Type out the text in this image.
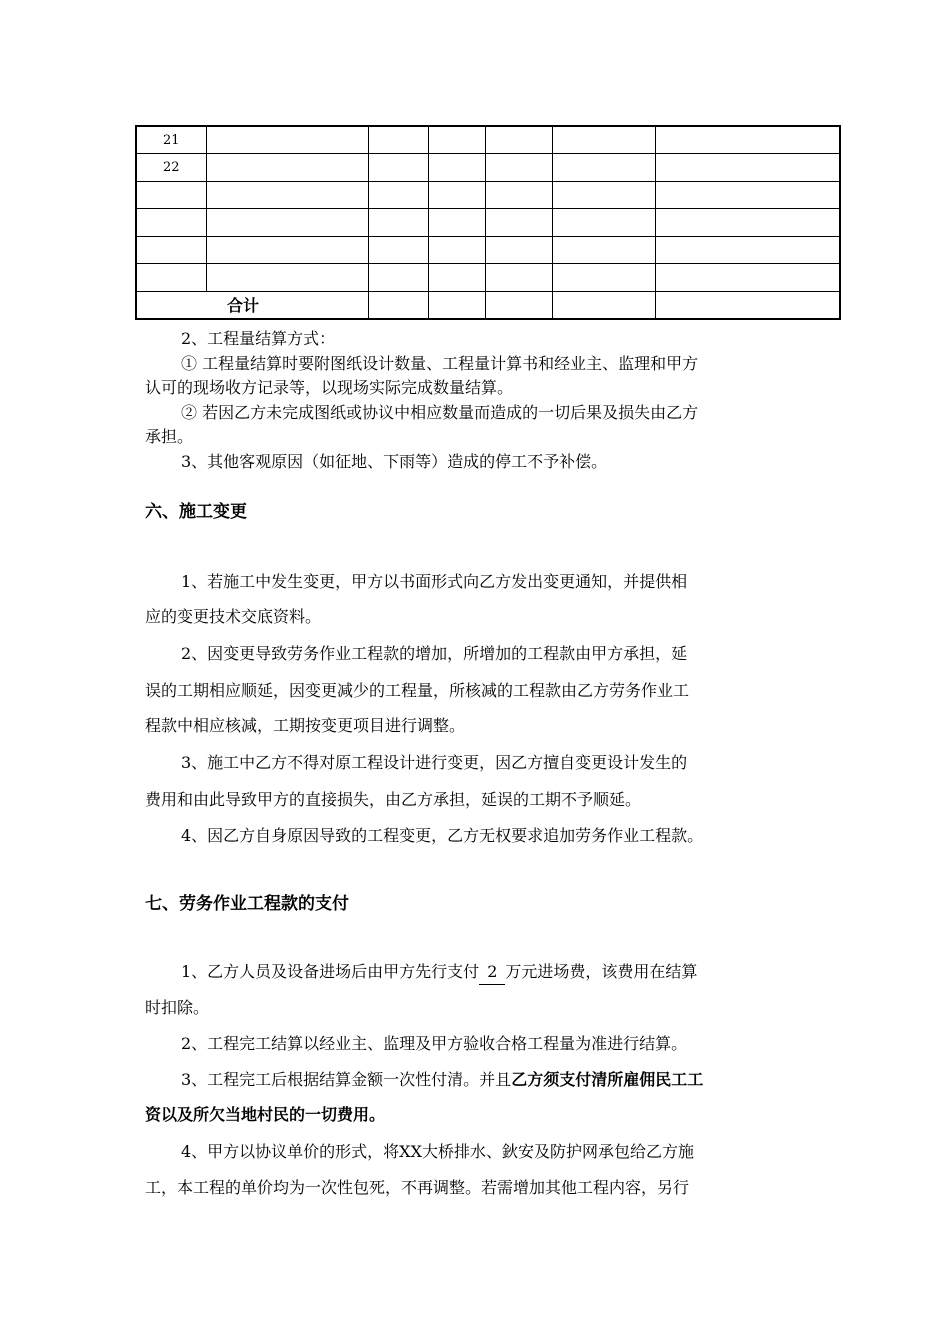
21						
22						

合计						
2、工程量结算方式：
① 工程量结算时要附图纸设计数量、工程量计算书和经业主、监理和甲方
认可的现场收方记录等，以现场实际完成数量结算。
② 若因乙方未完成图纸或协议中相应数量而造成的一切后果及损失由乙方
承担。
3、其他客观原因（如征地、下雨等）造成的停工不予补偿。
六、施工变更
1、若施工中发生变更，甲方以书面形式向乙方发出变更通知，并提供相
应的变更技术交底资料。
2、因变更导致劳务作业工程款的增加，所增加的工程款由甲方承担，延
误的工期相应顺延，因变更减少的工程量，所核减的工程款由乙方劳务作业工
程款中相应核减，工期按变更项目进行调整。
3、施工中乙方不得对原工程设计进行变更，因乙方擅自变更设计发生的
费用和由此导致甲方的直接损失，由乙方承担，延误的工期不予顺延。
4、因乙方自身原因导致的工程变更，乙方无权要求追加劳务作业工程款。
七、劳务作业工程款的支付
1、乙方人员及设备进场后由甲方先行支付 2 万元进场费，该费用在结算
时扣除。
2、工程完工结算以经业主、监理及甲方验收合格工程量为准进行结算。
3、工程完工后根据结算金额一次性付清。并且乙方须支付清所雇佣民工工
资以及所欠当地村民的一切费用。
4、甲方以协议单价的形式，将XX大桥排水、鈥安及防护网承包给乙方施
工，本工程的单价均为一次性包死，不再调整。若需增加其他工程内容，另行
